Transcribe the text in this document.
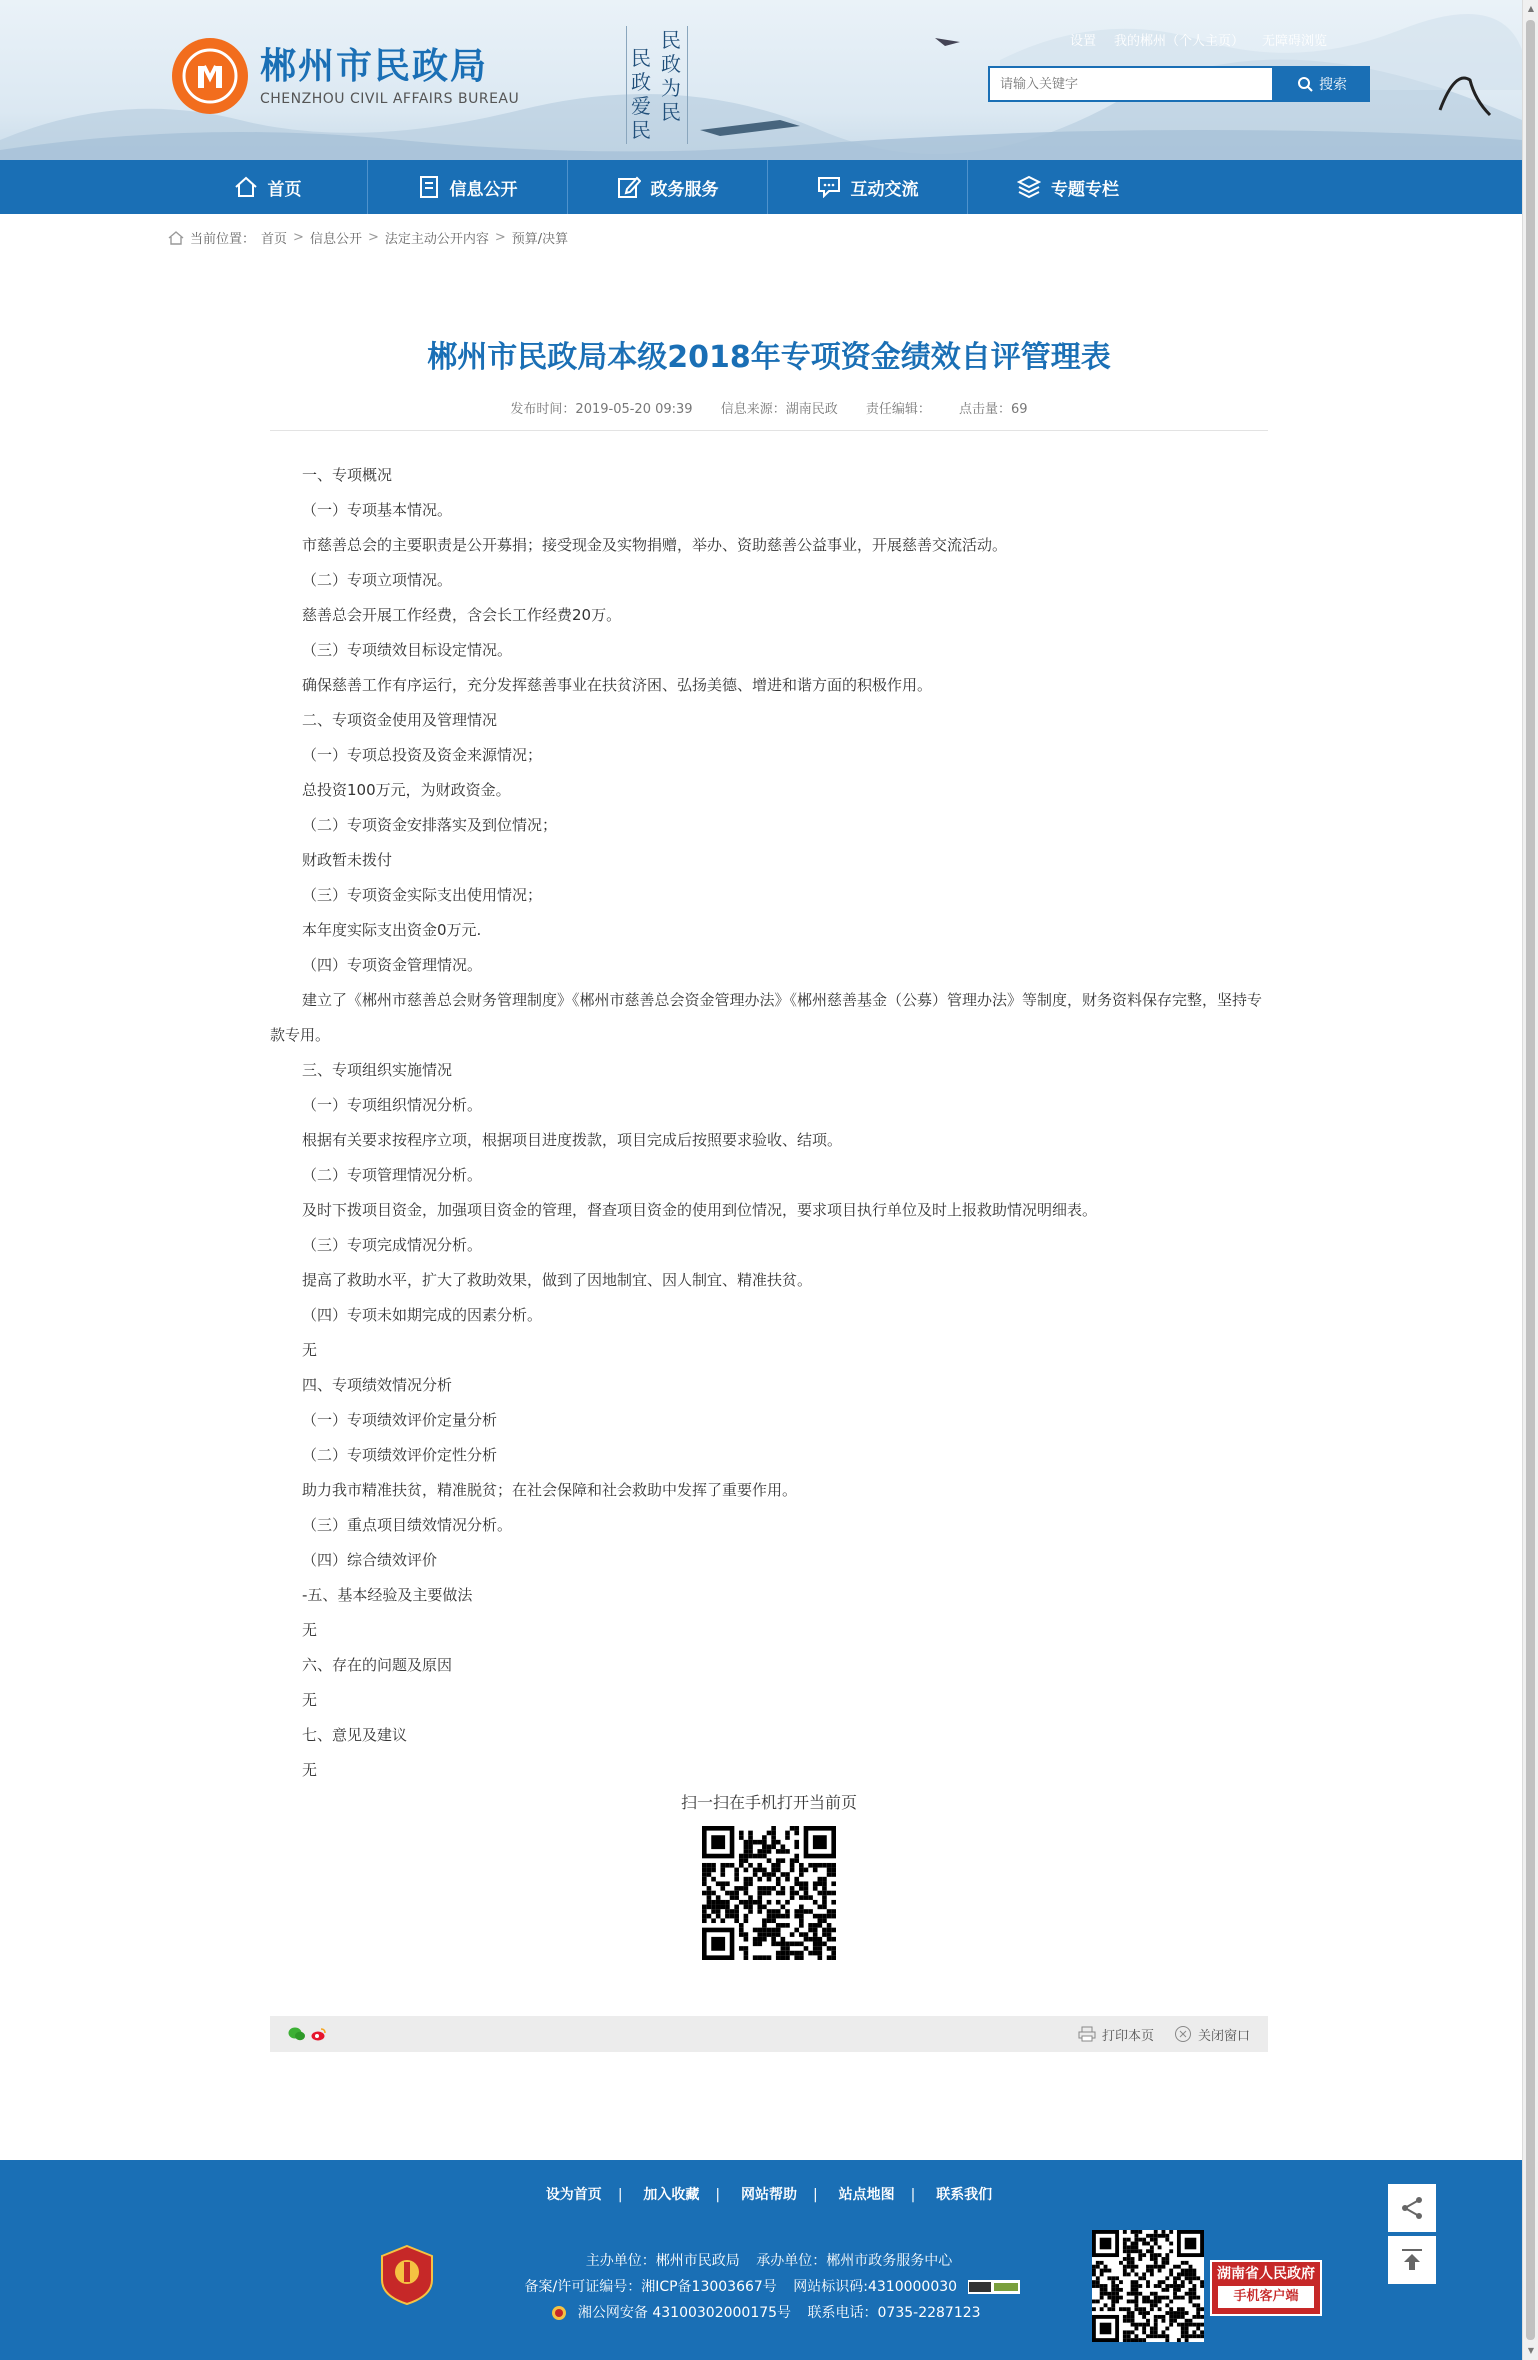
郴州市民政局
CHENZHOU CIVIL AFFAIRS BUREAU
民政爱民
民政为民
设置 我的郴州（个人主页） 无障碍浏览
请输入关键字
搜索
首页	信息公开	政务服务	互动交流	专题专栏
当前位置： 首页 > 信息公开 > 法定主动公开内容 > 预算/决算
郴州市民政局本级2018年专项资金绩效自评管理表
发布时间：2019-05-20 09:39 信息来源：湖南民政 责任编辑： 点击量：69

一、专项概况

（一）专项基本情况。

市慈善总会的主要职责是公开募捐；接受现金及实物捐赠，举办、资助慈善公益事业，开展慈善交流活动。

（二）专项立项情况。

慈善总会开展工作经费，含会长工作经费20万。

（三）专项绩效目标设定情况。

确保慈善工作有序运行，充分发挥慈善事业在扶贫济困、弘扬美德、增进和谐方面的积极作用。

二、专项资金使用及管理情况

（一）专项总投资及资金来源情况；

总投资100万元，为财政资金。

（二）专项资金安排落实及到位情况；

财政暂未拨付

（三）专项资金实际支出使用情况；

本年度实际支出资金0万元.

（四）专项资金管理情况。

建立了《郴州市慈善总会财务管理制度》《郴州市慈善总会资金管理办法》《郴州慈善基金（公募）管理办法》等制度，财务资料保存完整，坚持专款专用。

三、专项组织实施情况

（一）专项组织情况分析。

根据有关要求按程序立项，根据项目进度拨款，项目完成后按照要求验收、结项。

（二）专项管理情况分析。

及时下拨项目资金，加强项目资金的管理，督查项目资金的使用到位情况，要求项目执行单位及时上报救助情况明细表。

（三）专项完成情况分析。

提高了救助水平，扩大了救助效果，做到了因地制宜、因人制宜、精准扶贫。

（四）专项未如期完成的因素分析。

无

四、专项绩效情况分析

（一）专项绩效评价定量分析

（二）专项绩效评价定性分析

助力我市精准扶贫，精准脱贫；在社会保障和社会救助中发挥了重要作用。

（三）重点项目绩效情况分析。

（四）综合绩效评价

-五、基本经验及主要做法

无

六、存在的问题及原因

无

七、意见及建议

无

扫一扫在手机打开当前页
打印本页	关闭窗口
设为首页 | 加入收藏 | 网站帮助 | 站点地图 | 联系我们
主办单位：郴州市民政局 承办单位：郴州市政务服务中心
备案/许可证编号：湘ICP备13003667号 网站标识码:4310000030
湘公网安备 43100302000175号 联系电话：0735-2287123
湖南省人民政府
手机客户端
▲
▼
